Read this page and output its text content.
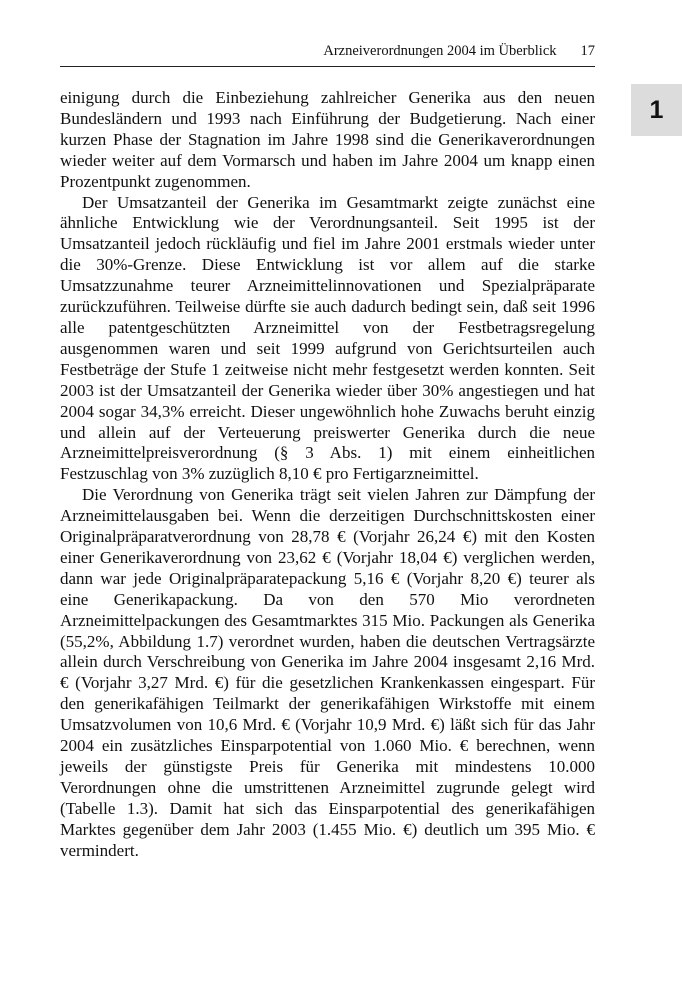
Arzneiverordnungen 2004 im Überblick 17
1

einigung durch die Einbeziehung zahlreicher Generika aus den neuen Bundesländern und 1993 nach Einführung der Budgetierung. Nach einer kurzen Phase der Stagnation im Jahre 1998 sind die Generikaverordnungen wieder weiter auf dem Vormarsch und haben im Jahre 2004 um knapp einen Prozentpunkt zugenommen.

Der Umsatzanteil der Generika im Gesamtmarkt zeigte zunächst eine ähnliche Entwicklung wie der Verordnungsanteil. Seit 1995 ist der Umsatzanteil jedoch rückläufig und fiel im Jahre 2001 erstmals wieder unter die 30%-Grenze. Diese Entwicklung ist vor allem auf die starke Umsatzzunahme teurer Arzneimittelinnovationen und Spezialpräparate zurückzuführen. Teilweise dürfte sie auch dadurch bedingt sein, daß seit 1996 alle patentgeschützten Arzneimittel von der Festbetragsregelung ausgenommen waren und seit 1999 aufgrund von Gerichtsurteilen auch Festbeträge der Stufe 1 zeitweise nicht mehr festgesetzt werden konnten. Seit 2003 ist der Umsatzanteil der Generika wieder über 30% angestiegen und hat 2004 sogar 34,3% erreicht. Dieser ungewöhnlich hohe Zuwachs beruht einzig und allein auf der Verteuerung preiswerter Generika durch die neue Arzneimittelpreisverordnung (§ 3 Abs. 1) mit einem einheitlichen Festzuschlag von 3% zuzüglich 8,10 € pro Fertigarzneimittel.

Die Verordnung von Generika trägt seit vielen Jahren zur Dämpfung der Arzneimittelausgaben bei. Wenn die derzeitigen Durchschnittskosten einer Originalpräparatverordnung von 28,78 € (Vorjahr 26,24 €) mit den Kosten einer Generikaverordnung von 23,62 € (Vorjahr 18,04 €) verglichen werden, dann war jede Originalpräparatepackung 5,16 € (Vorjahr 8,20 €) teurer als eine Generikapackung. Da von den 570 Mio verordneten Arzneimittelpackungen des Gesamtmarktes 315 Mio. Packungen als Generika (55,2%, Abbildung 1.7) verordnet wurden, haben die deutschen Vertragsärzte allein durch Verschreibung von Generika im Jahre 2004 insgesamt 2,16 Mrd. € (Vorjahr 3,27 Mrd. €) für die gesetzlichen Krankenkassen eingespart. Für den generikafähigen Teilmarkt der generikafähigen Wirkstoffe mit einem Umsatzvolumen von 10,6 Mrd. € (Vorjahr 10,9 Mrd. €) läßt sich für das Jahr 2004 ein zusätzliches Einsparpotential von 1.060 Mio. € berechnen, wenn jeweils der günstigste Preis für Generika mit mindestens 10.000 Verordnungen ohne die umstrittenen Arzneimittel zugrunde gelegt wird (Tabelle 1.3). Damit hat sich das Einsparpotential des generikafähigen Marktes gegenüber dem Jahr 2003 (1.455 Mio. €) deutlich um 395 Mio. € vermindert.
